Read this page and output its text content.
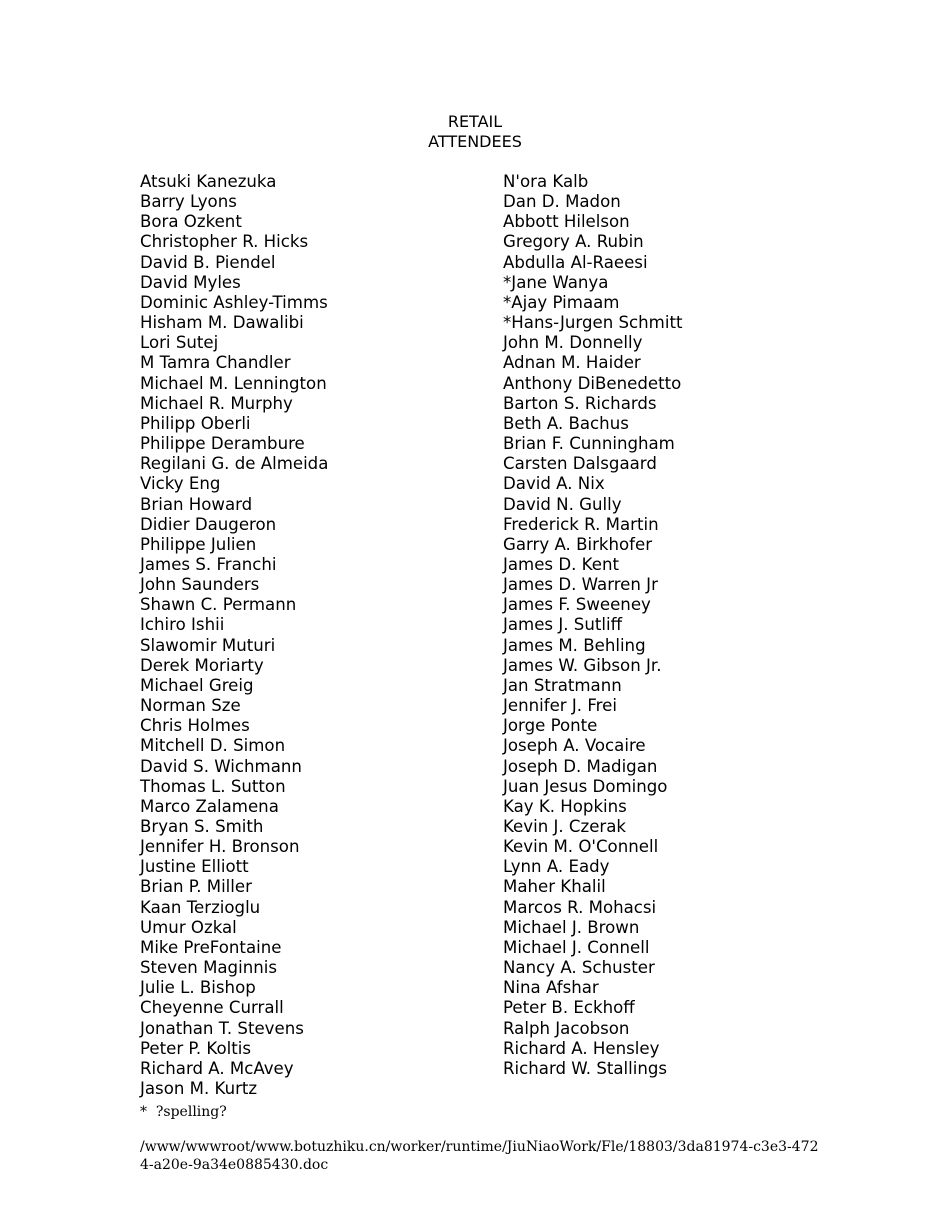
RETAIL
ATTENDEES
Atsuki Kanezuka
Barry Lyons
Bora Ozkent
Christopher R. Hicks
David B. Piendel
David Myles
Dominic Ashley-Timms
Hisham M. Dawalibi
Lori Sutej
M Tamra Chandler
Michael M. Lennington
Michael R. Murphy
Philipp Oberli
Philippe Derambure
Regilani G. de Almeida
Vicky Eng
Brian Howard
Didier Daugeron
Philippe Julien
James S. Franchi
John Saunders
Shawn C. Permann
Ichiro Ishii
Slawomir Muturi
Derek Moriarty
Michael Greig
Norman Sze
Chris Holmes
Mitchell D. Simon
David S. Wichmann
Thomas L. Sutton
Marco Zalamena
Bryan S. Smith
Jennifer H. Bronson
Justine Elliott
Brian P. Miller
Kaan Terzioglu
Umur Ozkal
Mike PreFontaine
Steven Maginnis
Julie L. Bishop
Cheyenne Currall
Jonathan T. Stevens
Peter P. Koltis
Richard A. McAvey
Jason M. Kurtz
N'ora Kalb
Dan D. Madon
Abbott Hilelson
Gregory A. Rubin
Abdulla Al-Raeesi
*Jane Wanya
*Ajay Pimaam
*Hans-Jurgen Schmitt
John M. Donnelly
Adnan M. Haider
Anthony DiBenedetto
Barton S. Richards
Beth A. Bachus
Brian F. Cunningham
Carsten Dalsgaard
David A. Nix
David N. Gully
Frederick R. Martin
Garry A. Birkhofer
James D. Kent
James D. Warren Jr
James F. Sweeney
James J. Sutliff
James M. Behling
James W. Gibson Jr.
Jan Stratmann
Jennifer J. Frei
Jorge Ponte
Joseph A. Vocaire
Joseph D. Madigan
Juan Jesus Domingo
Kay K. Hopkins
Kevin J. Czerak
Kevin M. O'Connell
Lynn A. Eady
Maher Khalil
Marcos R. Mohacsi
Michael J. Brown
Michael J. Connell
Nancy A. Schuster
Nina Afshar
Peter B. Eckhoff
Ralph Jacobson
Richard A. Hensley
Richard W. Stallings
*  ?spelling?
/www/wwwroot/www.botuzhiku.cn/worker/runtime/JiuNiaoWork/Fle/18803/3da81974-c3e3-4724-a20e-9a34e0885430.doc
